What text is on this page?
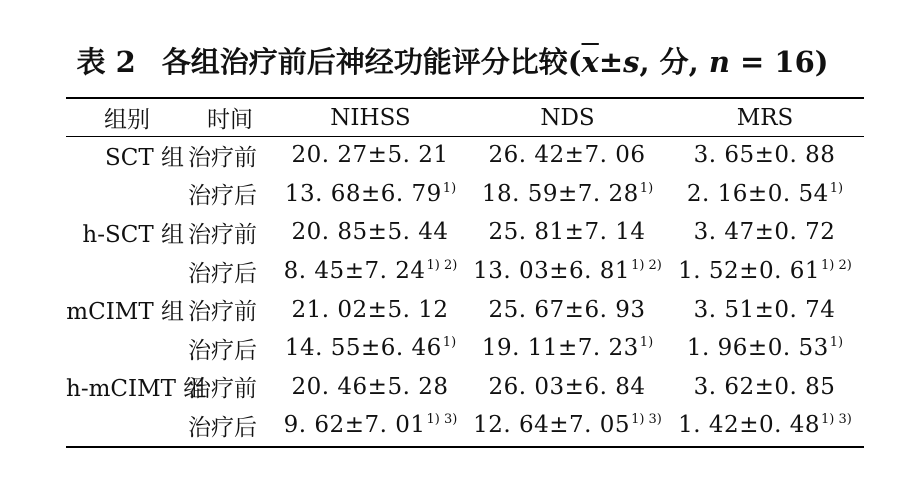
表 2 各组治疗前后神经功能评分比较($\overline{x}\pm s$, 分, n = 16)
组别	时间	NIHSS	NDS	MRS
SCT 组	治疗前	20. 27±5. 21	26. 42±7. 06	3. 65±0. 88
	治疗后	13. 68±6. 79$^{1)}$	18. 59±7. 28$^{1)}$	2. 16±0. 54$^{1)}$
h-SCT 组	治疗前	20. 85±5. 44	25. 81±7. 14	3. 47±0. 72
	治疗后	8. 45±7. $24^{1) 2)}$	13. 03±6. $81^{1) 2)}$	1. 52±0. $61^{1) 2)}$
mCIMT 组	治疗前	21. 02±5. 12	25. 67±6. 93	3. 51±0. 74
	治疗后	14. 55±6. 46$^{1)}$	19. 11±7. 23$^{1)}$	1. 96±0. 53$^{1)}$
h-mCIMT 组	治疗前	20. 46±5. 28	26. 03±6. 84	3. 62±0. 85
	治疗后	9. 62±7. $01^{1) 3)}$	12. 64±7. $05^{1) 3)}$	1. 42±0. $48^{1) 3)}$
